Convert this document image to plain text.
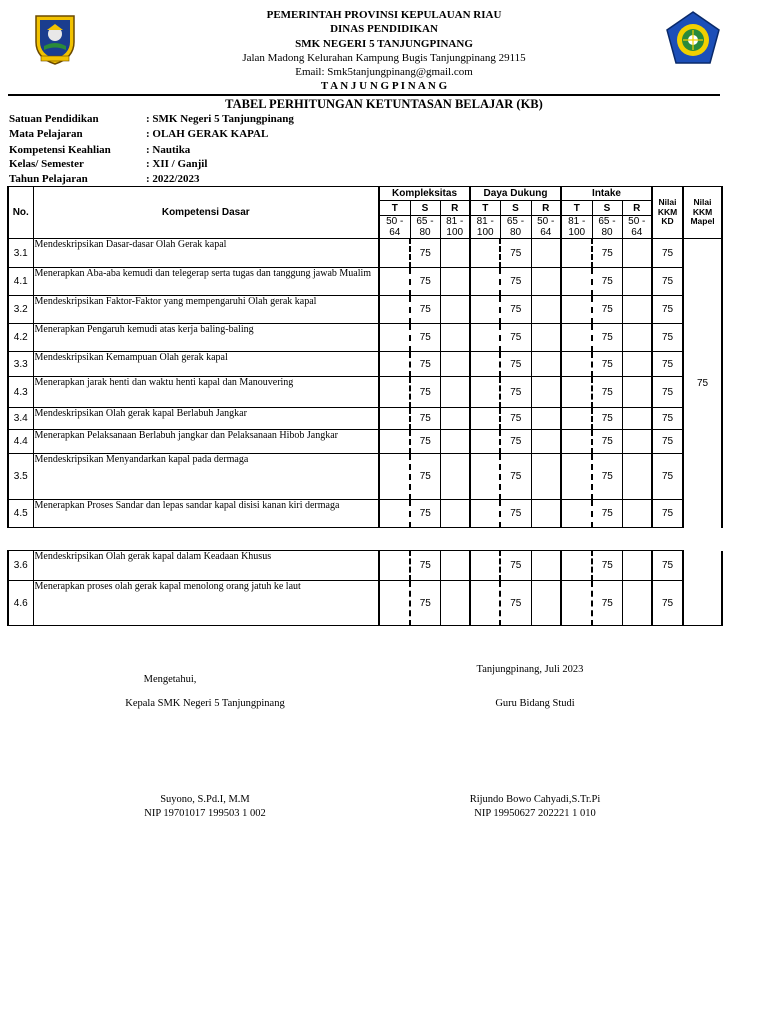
PEMERINTAH PROVINSI KEPULAUAN RIAU
DINAS PENDIDIKAN
SMK NEGERI 5 TANJUNGPINANG
Jalan Madong Kelurahan Kampung Bugis Tanjungpinang 29115
Email: Smk5tanjungpinang@gmail.com
T A N J U N G P I N A N G
TABEL PERHITUNGAN KETUNTASAN BELAJAR (KB)
Satuan Pendidikan	: SMK Negeri 5 Tanjungpinang
Mata Pelajaran	: OLAH GERAK KAPAL
Kompetensi Keahlian	: Nautika
Kelas/ Semester	: XII / Ganjil
Tahun Pelajaran	: 2022/2023
No.	Kompetensi Dasar	Kompleksitas			Daya Dukung			Intake			Nilai KKM KD	Nilai KKM Mapel
		T	S	R	T	S	R	T	S	R		
		50 - 64	65 - 80	81 - 100	81 - 100	65 - 80	50 - 64	81 - 100	65 - 80	50 - 64		
3.1	Mendeskripsikan Dasar-dasar Olah Gerak kapal		75			75			75		75	75
4.1	Menerapkan Aba-aba kemudi dan telegerap serta tugas dan tanggung jawab Mualim		75			75			75		75	
3.2	Mendeskripsikan Faktor-Faktor yang mempengaruhi Olah gerak kapal		75			75			75		75	
4.2	Menerapkan Pengaruh kemudi atas kerja baling-baling		75			75			75		75	
3.3	Mendeskripsikan Kemampuan Olah gerak kapal		75			75			75		75	
4.3	Menerapkan jarak henti dan waktu henti kapal dan Manouvering		75			75			75		75	
3.4	Mendeskripsikan Olah gerak kapal Berlabuh Jangkar		75			75			75		75	
4.4	Menerapkan Pelaksanaan Berlabuh jangkar dan Pelaksanaan Hibob Jangkar		75			75			75		75	
3.5	Mendeskripsikan Menyandarkan kapal pada dermaga		75			75			75		75	
4.5	Menerapkan Proses Sandar dan lepas sandar kapal disisi kanan kiri dermaga		75			75			75		75	
3.6	Mendeskripsikan Olah gerak kapal dalam Keadaan Khusus		75			75			75		75	
4.6	Menerapkan proses olah gerak kapal menolong orang jatuh ke laut		75			75			75		75	
Tanjungpinang, Juli 2023
Mengetahui,
Kepala SMK Negeri 5 Tanjungpinang	Guru Bidang Studi
Suyono, S.Pd.I, M.M
NIP 19701017 199503 1 002
Rijundo Bowo Cahyadi,S.Tr.Pi
NIP 19950627 202221 1 010
